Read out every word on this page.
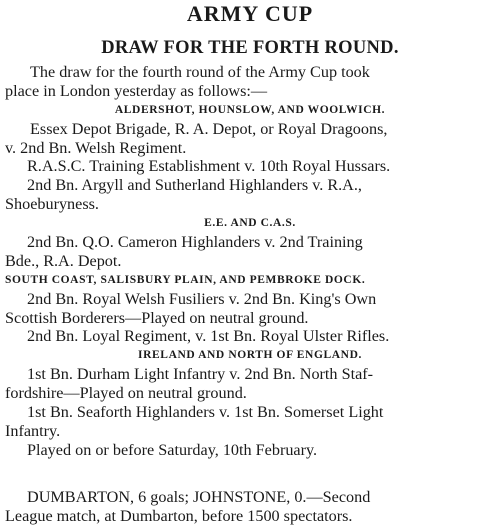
ARMY CUP
DRAW FOR THE FORTH ROUND.
The draw for the fourth round of the Army Cup took
place in London yesterday as follows:—
ALDERSHOT, HOUNSLOW, AND WOOLWICH.
Essex Depot Brigade, R. A. Depot, or Royal Dragoons,
v. 2nd Bn. Welsh Regiment.
R.A.S.C. Training Establishment v. 10th Royal Hussars.
2nd Bn. Argyll and Sutherland Highlanders v. R.A.,
Shoeburyness.
E.E. AND C.A.S.
2nd Bn. Q.O. Cameron Highlanders v. 2nd Training
Bde., R.A. Depot.
SOUTH COAST, SALISBURY PLAIN, AND PEMBROKE DOCK.
2nd Bn. Royal Welsh Fusiliers v. 2nd Bn. King's Own
Scottish Borderers—Played on neutral ground.
2nd Bn. Loyal Regiment, v. 1st Bn. Royal Ulster Rifles.
IRELAND AND NORTH OF ENGLAND.
1st Bn. Durham Light Infantry v. 2nd Bn. North Staf-
fordshire—Played on neutral ground.
1st Bn. Seaforth Highlanders v. 1st Bn. Somerset Light
Infantry.
Played on or before Saturday, 10th February.
DUMBARTON, 6 goals; JOHNSTONE, 0.—Second
League match, at Dumbarton, before 1500 spectators.
